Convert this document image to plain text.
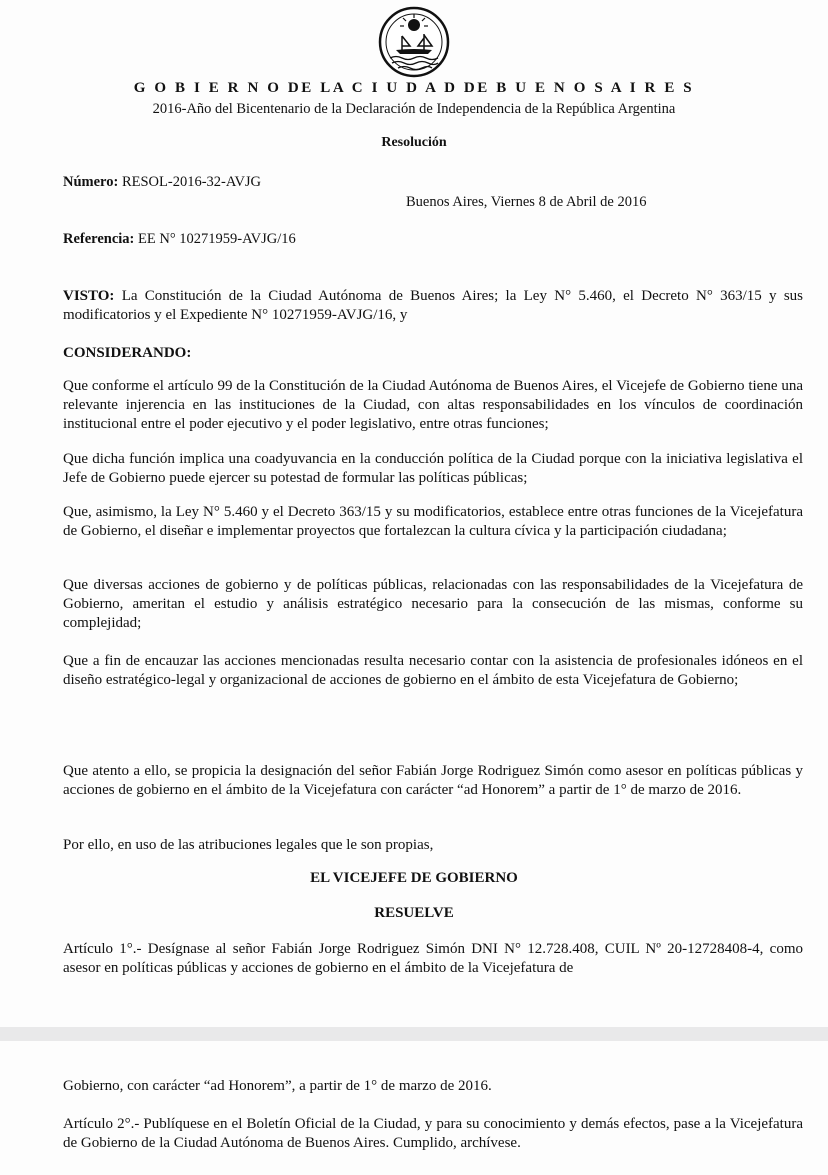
G O B I E R N O DE LA C I U D A D DE B U E N O S A I R E S
2016-Año del Bicentenario de la Declaración de Independencia de la República Argentina
Resolución
Número: RESOL-2016-32-AVJG
Buenos Aires, Viernes 8 de Abril de 2016
Referencia: EE N° 10271959-AVJG/16
VISTO: La Constitución de la Ciudad Autónoma de Buenos Aires; la Ley N° 5.460, el Decreto N° 363/15 y sus modificatorios y el Expediente N° 10271959-AVJG/16, y
CONSIDERANDO:
Que conforme el artículo 99 de la Constitución de la Ciudad Autónoma de Buenos Aires, el Vicejefe de Gobierno tiene una relevante injerencia en las instituciones de la Ciudad, con altas responsabilidades en los vínculos de coordinación institucional entre el poder ejecutivo y el poder legislativo, entre otras funciones;
Que dicha función implica una coadyuvancia en la conducción política de la Ciudad porque con la iniciativa legislativa el Jefe de Gobierno puede ejercer su potestad de formular las políticas públicas;
Que, asimismo, la Ley N° 5.460 y el Decreto 363/15 y su modificatorios, establece entre otras funciones de la Vicejefatura de Gobierno, el diseñar e implementar proyectos que fortalezcan la cultura cívica y la participación ciudadana;
Que diversas acciones de gobierno y de políticas públicas, relacionadas con las responsabilidades de la Vicejefatura de Gobierno, ameritan el estudio y análisis estratégico necesario para la consecución de las mismas, conforme su complejidad;
Que a fin de encauzar las acciones mencionadas resulta necesario contar con la asistencia de profesionales idóneos en el diseño estratégico-legal y organizacional de acciones de gobierno en el ámbito de esta Vicejefatura de Gobierno;
Que atento a ello, se propicia la designación del señor Fabián Jorge Rodriguez Simón como asesor en políticas públicas y acciones de gobierno en el ámbito de la Vicejefatura con carácter “ad Honorem” a partir de 1° de marzo de 2016.
Por ello, en uso de las atribuciones legales que le son propias,
EL VICEJEFE DE GOBIERNO
RESUELVE
Artículo 1°.- Desígnase al señor Fabián Jorge Rodriguez Simón DNI N° 12.728.408, CUIL Nº 20-12728408-4, como asesor en políticas públicas y acciones de gobierno en el ámbito de la Vicejefatura de
Gobierno, con carácter “ad Honorem”, a partir de 1° de marzo de 2016.
Artículo 2°.- Publíquese en el Boletín Oficial de la Ciudad, y para su conocimiento y demás efectos, pase a la Vicejefatura de Gobierno de la Ciudad Autónoma de Buenos Aires. Cumplido, archívese.
